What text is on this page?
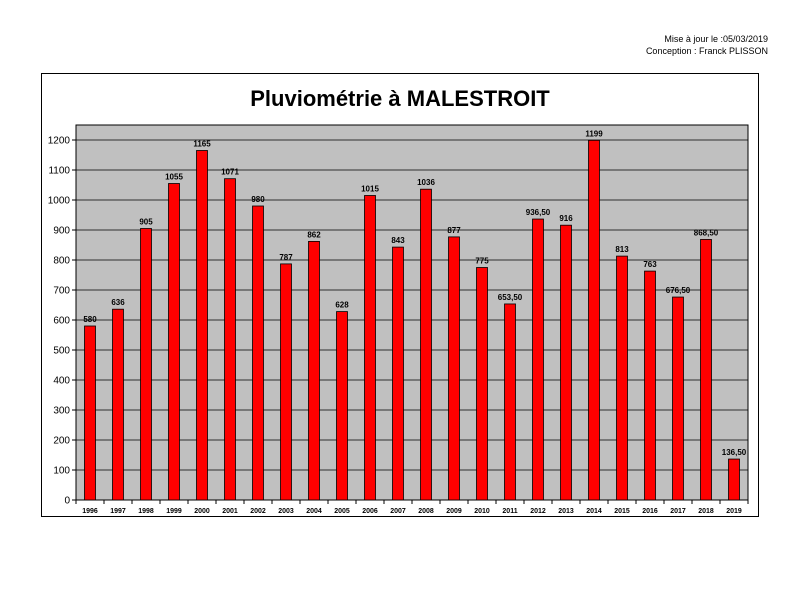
Mise à jour le :05/03/2019
Conception : Franck PLISSON
Pluviométrie à MALESTROIT
0
100
200
300
400
500
600
700
800
900
1000
1100
1200
580
1996
636
1997
905
1998
1055
1999
1165
2000
1071
2001
980
2002
787
2003
862
2004
628
2005
1015
2006
843
2007
1036
2008
877
2009
775
2010
653,50
2011
936,50
2012
916
2013
1199
2014
813
2015
763
2016
676,50
2017
868,50
2018
136,50
2019
